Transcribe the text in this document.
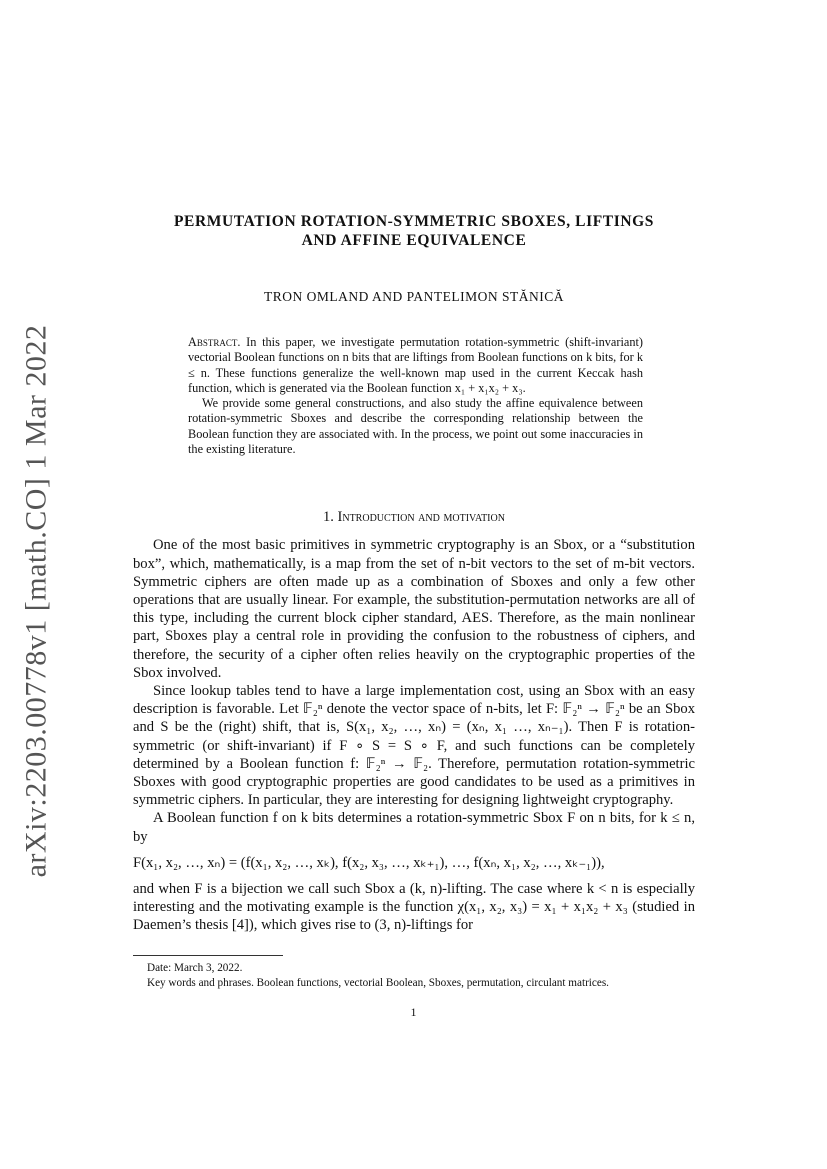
arXiv:2203.00778v1 [math.CO] 1 Mar 2022
PERMUTATION ROTATION-SYMMETRIC SBOXES, LIFTINGS
AND AFFINE EQUIVALENCE
TRON OMLAND AND PANTELIMON STĂNICĂ

Abstract. In this paper, we investigate permutation rotation-symmetric (shift-invariant) vectorial Boolean functions on n bits that are liftings from Boolean functions on k bits, for k ≤ n. These functions generalize the well-known map used in the current Keccak hash function, which is generated via the Boolean function x₁ + x₁x₂ + x₃.

We provide some general constructions, and also study the affine equivalence between rotation-symmetric Sboxes and describe the corresponding relationship between the Boolean function they are associated with. In the process, we point out some inaccuracies in the existing literature.

1. Introduction and motivation

One of the most basic primitives in symmetric cryptography is an Sbox, or a “substitution box”, which, mathematically, is a map from the set of n-bit vectors to the set of m-bit vectors. Symmetric ciphers are often made up as a combination of Sboxes and only a few other operations that are usually linear. For example, the substitution-permutation networks are all of this type, including the current block cipher standard, AES. Therefore, as the main nonlinear part, Sboxes play a central role in providing the confusion to the robustness of ciphers, and therefore, the security of a cipher often relies heavily on the cryptographic properties of the Sbox involved.

Since lookup tables tend to have a large implementation cost, using an Sbox with an easy description is favorable. Let 𝔽₂ⁿ denote the vector space of n-bits, let F: 𝔽₂ⁿ → 𝔽₂ⁿ be an Sbox and S be the (right) shift, that is, S(x₁, x₂, …, xₙ) = (xₙ, x₁ …, xₙ₋₁). Then F is rotation-symmetric (or shift-invariant) if F ∘ S = S ∘ F, and such functions can be completely determined by a Boolean function f: 𝔽₂ⁿ → 𝔽₂. Therefore, permutation rotation-symmetric Sboxes with good cryptographic properties are good candidates to be used as a primitives in symmetric ciphers. In particular, they are interesting for designing lightweight cryptography.

A Boolean function f on k bits determines a rotation-symmetric Sbox F on n bits, for k ≤ n, by

F(x₁, x₂, …, xₙ) = (f(x₁, x₂, …, xₖ), f(x₂, x₃, …, xₖ₊₁), …, f(xₙ, x₁, x₂, …, xₖ₋₁)),

and when F is a bijection we call such Sbox a (k, n)-lifting. The case where k < n is especially interesting and the motivating example is the function χ(x₁, x₂, x₃) = x₁ + x₁x₂ + x₃ (studied in Daemen’s thesis [4]), which gives rise to (3, n)-liftings for

Date: March 3, 2022.

Key words and phrases. Boolean functions, vectorial Boolean, Sboxes, permutation, circulant matrices.

1
